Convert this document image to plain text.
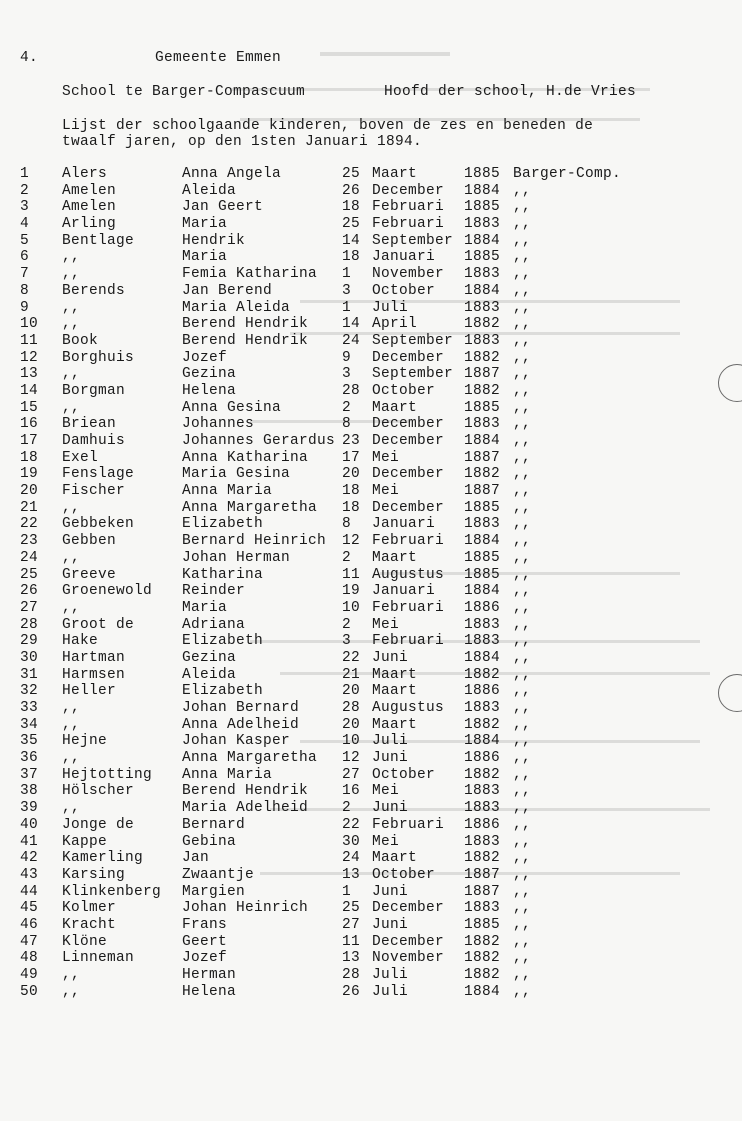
4.	Gemeente Emmen
School te Barger-Compascuum	Hoofd der school, H.de Vries
Lijst der schoolgaande kinderen, boven de zes en beneden de
twaalf jaren, op den 1sten Januari 1894.
1 Alers	Anna Angela	25 Maart	1885 Barger-Comp.
2 Amelen	Aleida	26 December 1884 ,,
3 Amelen	Jan Geert	18 Februari 1885 ,,
4 Arling	Maria	25 Februari 1883 ,,
5 Bentlage	Hendrik	14 September 1884 ,,
6 ,,	Maria	18 Januari 1885 ,,
7 ,,	Femia Katharina 1 November 1883 ,,
8 Berends	Jan Berend	3 October 1884 ,,
9 ,,	Maria Aleida	1 Juli	1883 ,,
10 ,,	Berend Hendrik 14 April	1882 ,,
11 Book	Berend Hendrik 24 September 1883 ,,
12 Borghuis	Jozef	9 December 1882 ,,
13 ,,	Gezina	3 September 1887 ,,
14 Borgman	Helena	28 October 1882 ,,
15 ,,	Anna Gesina	2 Maart	1885 ,,
16 Briean	Johannes	8 December 1883 ,,
17 Damhuis	Johannes Gerardus 23 December 1884 ,,
18 Exel	Anna Katharina 17 Mei	1887 ,,
19 Fenslage	Maria Gesina	20 December 1882 ,,
20 Fischer	Anna Maria	18 Mei	1887 ,,
21 ,,	Anna Margaretha 18 December 1885 ,,
22 Gebbeken	Elizabeth	8 Januari 1883 ,,
23 Gebben	Bernard Heinrich 12 Februari 1884 ,,
24 ,,	Johan Herman	2 Maart	1885 ,,
25 Greeve	Katharina	11 Augustus 1885 ,,
26 Groenewold Reinder	19 Januari 1884 ,,
27 ,,	Maria	10 Februari 1886 ,,
28 Groot de	Adriana	2 Mei	1883 ,,
29 Hake	Elizabeth	3 Februari 1883 ,,
30 Hartman	Gezina	22 Juni	1884 ,,
31 Harmsen	Aleida	21 Maart	1882 ,,
32 Heller	Elizabeth	20 Maart	1886 ,,
33 ,,	Johan Bernard	28 Augustus 1883 ,,
34 ,,	Anna Adelheid	20 Maart	1882 ,,
35 Hejne	Johan Kasper	10 Juli	1884 ,,
36 ,,	Anna Margaretha 12 Juni	1886 ,,
37 Hejtotting Anna Maria	27 October 1882 ,,
38 Hölscher	Berend Hendrik 16 Mei	1883 ,,
39 ,,	Maria Adelheid 2 Juni	1883 ,,
40 Jonge de	Bernard	22 Februari 1886 ,,
41 Kappe	Gebina	30 Mei	1883 ,,
42 Kamerling	Jan	24 Maart	1882 ,,
43 Karsing	Zwaantje	13 October 1887 ,,
44 Klinkenberg Margien	1 Juni	1887 ,,
45 Kolmer	Johan Heinrich 25 December 1883 ,,
46 Kracht	Frans	27 Juni	1885 ,,
47 Klöne	Geert	11 December 1882 ,,
48 Linneman	Jozef	13 November 1882 ,,
49 ,,	Herman	28 Juli	1882 ,,
50 ,,	Helena	26 Juli	1884 ,,
